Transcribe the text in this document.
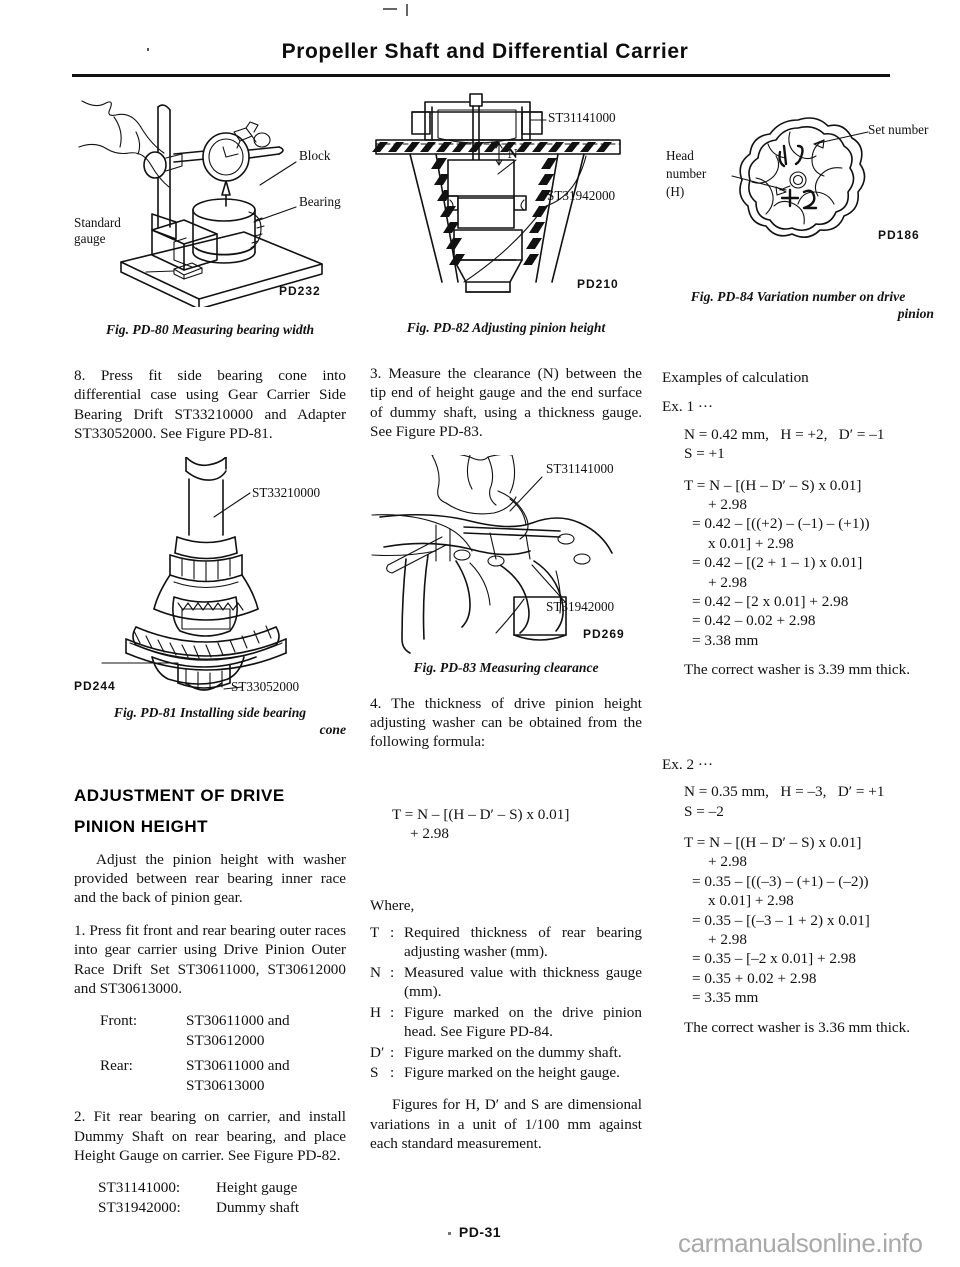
Propeller Shaft and Differential Carrier
Block
Bearing
Standard
gauge
PD232
Fig. PD-80 Measuring bearing width

8. Press fit side bearing cone into differential case using Gear Carrier Side Bearing Drift ST33210000 and Adapter ST33052000. See Figure PD-81.

ST33210000
ST33052000
PD244
Fig. PD-81 Installing side bearing
cone
ADJUSTMENT OF DRIVE
PINION HEIGHT

Adjust the pinion height with washer provided between rear bearing inner race and the back of pinion gear.

1. Press fit front and rear bearing outer races into gear carrier using Drive Pinion Outer Race Drift Set ST30611000, ST30612000 and ST30613000.

Front:	ST30611000 and
ST30612000
Rear:	ST30611000 and
ST30613000

2. Fit rear bearing on carrier, and install Dummy Shaft on rear bearing, and place Height Gauge on carrier. See Figure PD-82.

ST31141000:	Height gauge
ST31942000:	Dummy shaft
ST31141000
ST31942000
N
PD210
Fig. PD-82 Adjusting pinion height

3. Measure the clearance (N) between the tip end of height gauge and the end surface of dummy shaft, using a thickness gauge. See Figure PD-83.

ST31141000
ST31942000
PD269
Fig. PD-83 Measuring clearance

4. The thickness of drive pinion height adjusting washer can be obtained from the following formula:

T = N – [(H – D′ – S) x 0.01]
+ 2.98
Where,
T : Required thickness of rear bearing adjusting washer (mm).
N : Measured value with thickness gauge (mm).
H : Figure marked on the drive pinion head. See Figure PD-84.
D′ : Figure marked on the dummy shaft.
S : Figure marked on the height gauge.

Figures for H, D′ and S are dimensional variations in a unit of 1/100 mm against each standard measurement.

Set number
Head
number
(H)
PD186
Fig. PD-84 Variation number on drive
pinion
Examples of calculation
Ex. 1 ···
N = 0.42 mm,   H = +2,   D′ = –1
S = +1
T = N – [(H – D′ – S) x 0.01]
+ 2.98
= 0.42 – [((+2) – (–1) – (+1))
x 0.01] + 2.98
= 0.42 – [(2 + 1 – 1) x 0.01]
+ 2.98
= 0.42 – [2 x 0.01] + 2.98
= 0.42 – 0.02 + 2.98
= 3.38 mm

The correct washer is 3.39 mm thick.

Ex. 2 ···
N = 0.35 mm,   H = –3,   D′ = +1
S = –2
T = N – [(H – D′ – S) x 0.01]
+ 2.98
= 0.35 – [((–3) – (+1) – (–2))
x 0.01] + 2.98
= 0.35 – [(–3 – 1 + 2) x 0.01]
+ 2.98
= 0.35 – [–2 x 0.01] + 2.98
= 0.35 + 0.02 + 2.98
= 3.35 mm

The correct washer is 3.36 mm thick.

PD-31	carmanualsonline.info
